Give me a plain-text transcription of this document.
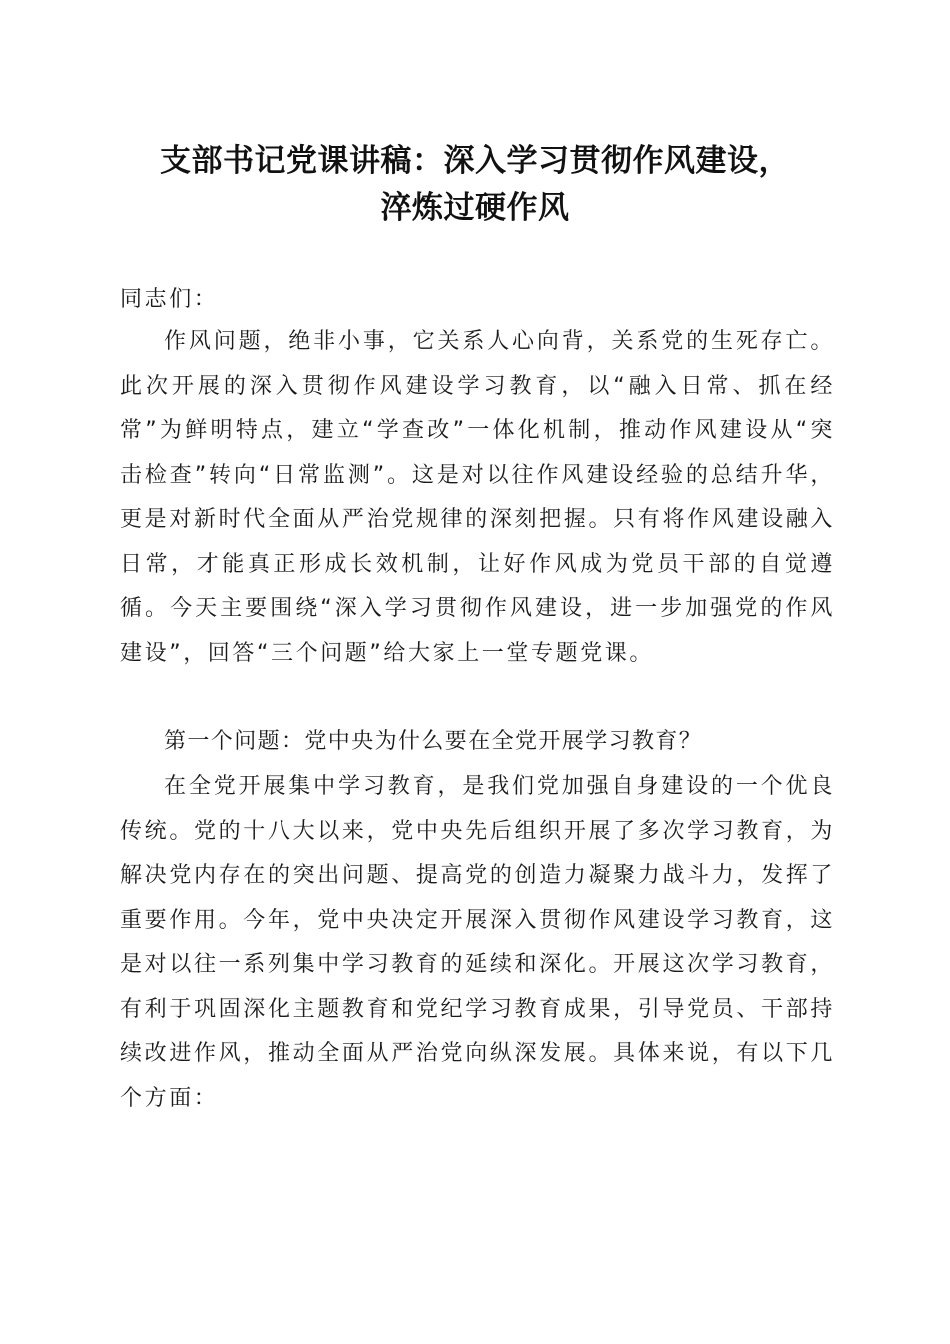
支部书记党课讲稿：深入学习贯彻作风建设，
淬炼过硬作风
同志们：
作风问题，绝非小事，它关系人心向背，关系党的生死存亡。此次开展的深入贯彻作风建设学习教育，以“融入日常、抓在经常”为鲜明特点，建立“学查改”一体化机制，推动作风建设从“突击检查”转向“日常监测”。这是对以往作风建设经验的总结升华，更是对新时代全面从严治党规律的深刻把握。只有将作风建设融入日常，才能真正形成长效机制，让好作风成为党员干部的自觉遵循。今天主要围绕“深入学习贯彻作风建设，进一步加强党的作风建设”，回答“三个问题”给大家上一堂专题党课。
第一个问题：党中央为什么要在全党开展学习教育？
在全党开展集中学习教育，是我们党加强自身建设的一个优良传统。党的十八大以来，党中央先后组织开展了多次学习教育，为解决党内存在的突出问题、提高党的创造力凝聚力战斗力，发挥了重要作用。今年，党中央决定开展深入贯彻作风建设学习教育，这是对以往一系列集中学习教育的延续和深化。开展这次学习教育，有利于巩固深化主题教育和党纪学习教育成果，引导党员、干部持续改进作风，推动全面从严治党向纵深发展。具体来说，有以下几个方面：
